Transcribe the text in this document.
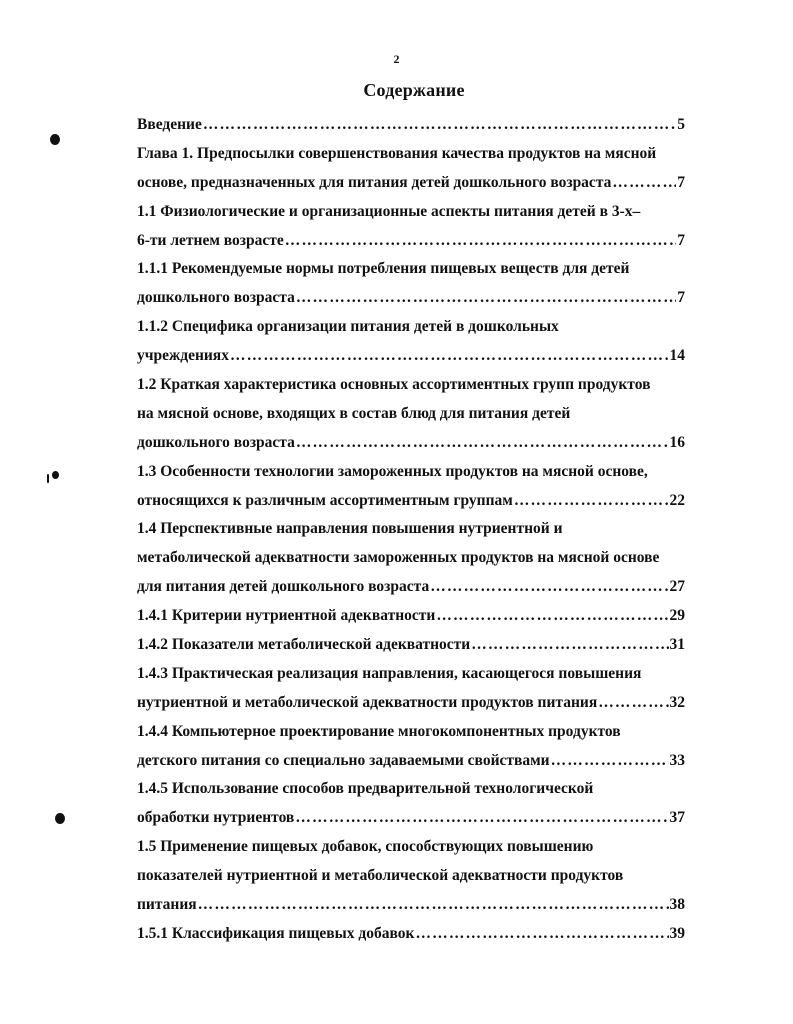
2
Содержание
Введение ……………………………………………………………………………………………………………………………	5
Глава 1. Предпосылки совершенствования качества продуктов на мясной
основе, предназначенных для питания детей дошкольного возраста ……………………………………………………………………………………………………………………………	7
1.1 Физиологические и организационные аспекты питания детей в 3-х–
6-ти летнем возрасте ……………………………………………………………………………………………………………………………	7
1.1.1 Рекомендуемые нормы потребления пищевых веществ для детей
дошкольного возраста ……………………………………………………………………………………………………………………………	7
1.1.2 Специфика организации питания детей в дошкольных
учреждениях ……………………………………………………………………………………………………………………………	14
1.2 Краткая характеристика основных ассортиментных групп продуктов
на мясной основе, входящих в состав блюд для питания детей
дошкольного возраста ……………………………………………………………………………………………………………………………	16
1.3 Особенности технологии замороженных продуктов на мясной основе,
относящихся к различным ассортиментным группам ……………………………………………………………………………………………………………………………	22
1.4 Перспективные направления повышения нутриентной и
метаболической адекватности замороженных продуктов на мясной основе
для питания детей дошкольного возраста ……………………………………………………………………………………………………………………………	27
1.4.1 Критерии нутриентной адекватности ……………………………………………………………………………………………………………………………	29
1.4.2 Показатели метаболической адекватности ……………………………………………………………………………………………………………………………	31
1.4.3 Практическая реализация направления, касающегося повышения
нутриентной и метаболической адекватности продуктов питания ……………………………………………………………………………………………………………………………	32
1.4.4 Компьютерное проектирование многокомпонентных продуктов
детского питания со специально задаваемыми свойствами ……………………………………………………………………………………………………………………………	33
1.4.5 Использование способов предварительной технологической
обработки нутриентов ……………………………………………………………………………………………………………………………	37
1.5 Применение пищевых добавок, способствующих повышению
показателей нутриентной и метаболической адекватности продуктов
питания ……………………………………………………………………………………………………………………………	38
1.5.1 Классификация пищевых добавок ……………………………………………………………………………………………………………………………	39
